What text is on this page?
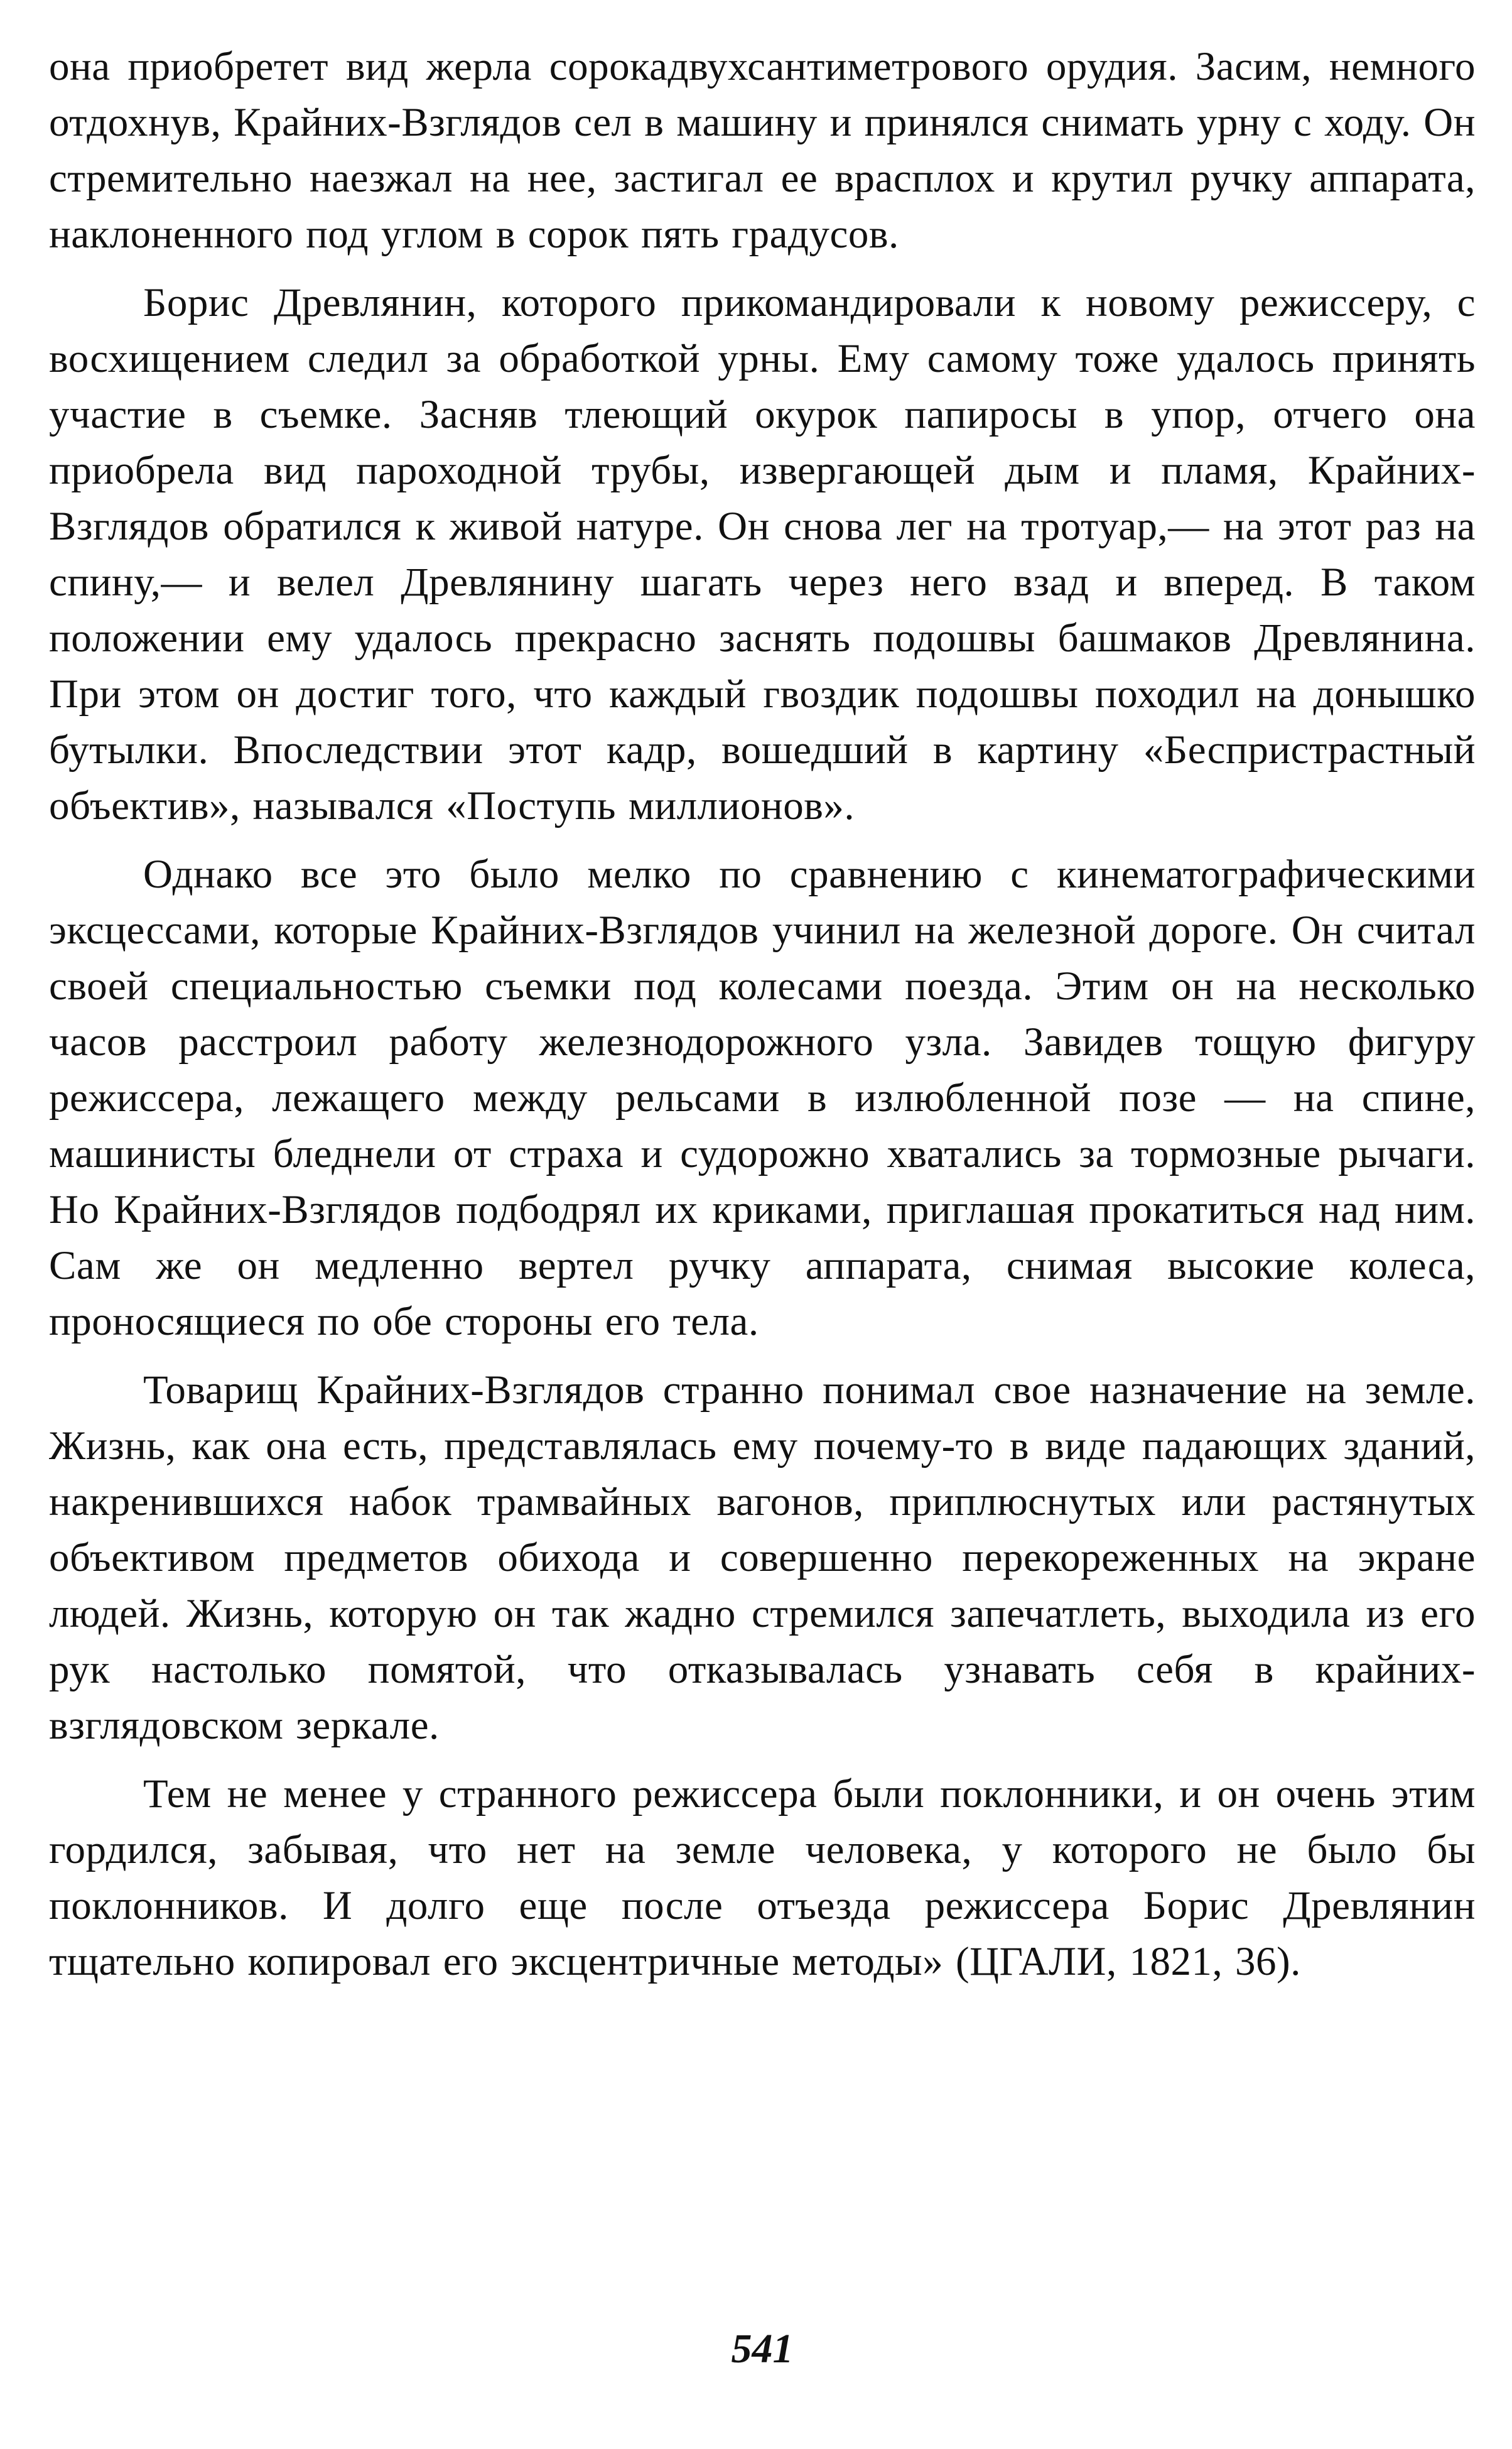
она приобретет вид жерла сорокадвухсантиметрового орудия. Засим, немного отдохнув, Крайних-Взглядов сел в машину и принялся снимать урну с ходу. Он стремительно наезжал на нее, застигал ее врасплох и крутил ручку аппарата, наклоненного под углом в сорок пять градусов.

Борис Древлянин, которого прикомандировали к новому режиссеру, с восхищением следил за обработкой урны. Ему самому тоже удалось принять участие в съемке. Засняв тлеющий окурок папиросы в упор, отчего она приобрела вид пароходной трубы, извергающей дым и пламя, Крайних-Взглядов обратился к живой натуре. Он снова лег на тротуар,— на этот раз на спину,— и велел Древлянину шагать через него взад и вперед. В таком положении ему удалось прекрасно заснять подошвы башмаков Древлянина. При этом он достиг того, что каждый гвоздик подошвы походил на донышко бутылки. Впоследствии этот кадр, вошедший в картину «Беспристрастный объектив», назывался «Поступь миллионов».

Однако все это было мелко по сравнению с кинематографическими эксцессами, которые Крайних-Взглядов учинил на железной дороге. Он считал своей специальностью съемки под колесами поезда. Этим он на несколько часов расстроил работу железнодорожного узла. Завидев тощую фигуру режиссера, лежащего между рельсами в излюбленной позе — на спине, машинисты бледнели от страха и судорожно хватались за тормозные рычаги. Но Крайних-Взглядов подбодрял их криками, приглашая прокатиться над ним. Сам же он медленно вертел ручку аппарата, снимая высокие колеса, проносящиеся по обе стороны его тела.

Товарищ Крайних-Взглядов странно понимал свое назначение на земле. Жизнь, как она есть, представлялась ему почему-то в виде падающих зданий, накренившихся набок трамвайных вагонов, приплюснутых или растянутых объективом предметов обихода и совершенно перекореженных на экране людей. Жизнь, которую он так жадно стремился запечатлеть, выходила из его рук настолько помятой, что отказывалась узнавать себя в крайних-взглядовском зеркале.

Тем не менее у странного режиссера были поклонники, и он очень этим гордился, забывая, что нет на земле человека, у которого не было бы поклонников. И долго еще после отъезда режиссера Борис Древлянин тщательно копировал его эксцентричные методы» (ЦГАЛИ, 1821, 36).

541
